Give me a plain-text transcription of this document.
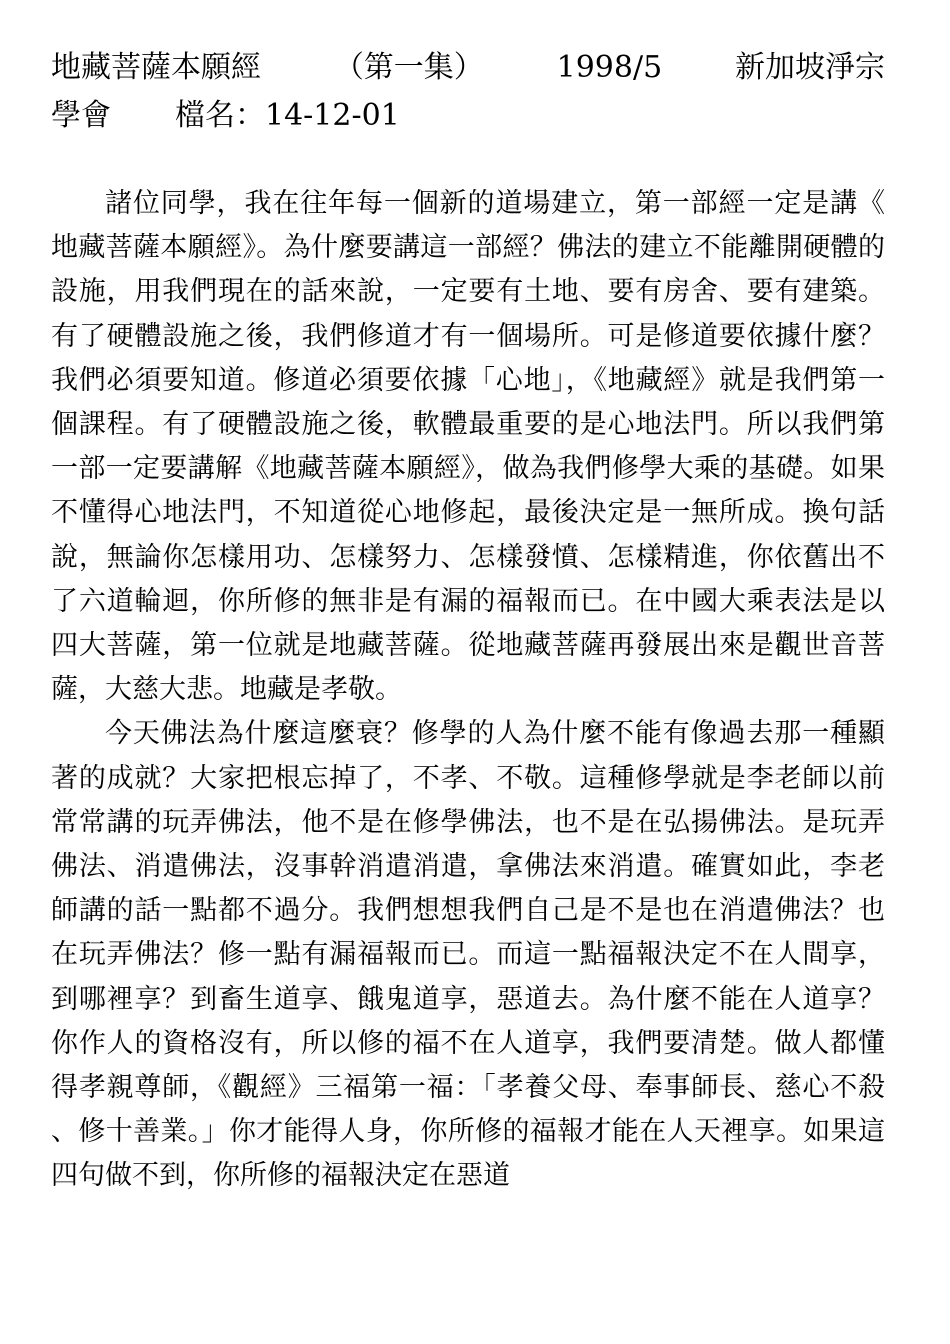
地藏菩薩本願經 （第一集） 1998/5 新加坡淨宗
學會 檔名：14-12-01

諸位同學，我在往年每一個新的道場建立，第一部經一定是講《地藏菩薩本願經》。為什麼要講這一部經？佛法的建立不能離開硬體的設施，用我們現在的話來說，一定要有土地、要有房舍、要有建築。有了硬體設施之後，我們修道才有一個場所。可是修道要依據什麼？我們必須要知道。修道必須要依據「心地」，《地藏經》就是我們第一個課程。有了硬體設施之後，軟體最重要的是心地法門。所以我們第一部一定要講解《地藏菩薩本願經》，做為我們修學大乘的基礎。如果不懂得心地法門，不知道從心地修起，最後決定是一無所成。換句話說，無論你怎樣用功、怎樣努力、怎樣發憤、怎樣精進，你依舊出不了六道輪迴，你所修的無非是有漏的福報而已。在中國大乘表法是以四大菩薩，第一位就是地藏菩薩。從地藏菩薩再發展出來是觀世音菩薩，大慈大悲。地藏是孝敬。

今天佛法為什麼這麼衰？修學的人為什麼不能有像過去那一種顯著的成就？大家把根忘掉了，不孝、不敬。這種修學就是李老師以前常常講的玩弄佛法，他不是在修學佛法，也不是在弘揚佛法。是玩弄佛法、消遣佛法，沒事幹消遣消遣，拿佛法來消遣。確實如此，李老師講的話一點都不過分。我們想想我們自己是不是也在消遣佛法？也在玩弄佛法？修一點有漏福報而已。而這一點福報決定不在人間享，到哪裡享？到畜生道享、餓鬼道享，惡道去。為什麼不能在人道享？你作人的資格沒有，所以修的福不在人道享，我們要清楚。做人都懂得孝親尊師，《觀經》三福第一福：「孝養父母、奉事師長、慈心不殺、修十善業。」你才能得人身，你所修的福報才能在人天裡享。如果這四句做不到，你所修的福報決定在惡道
